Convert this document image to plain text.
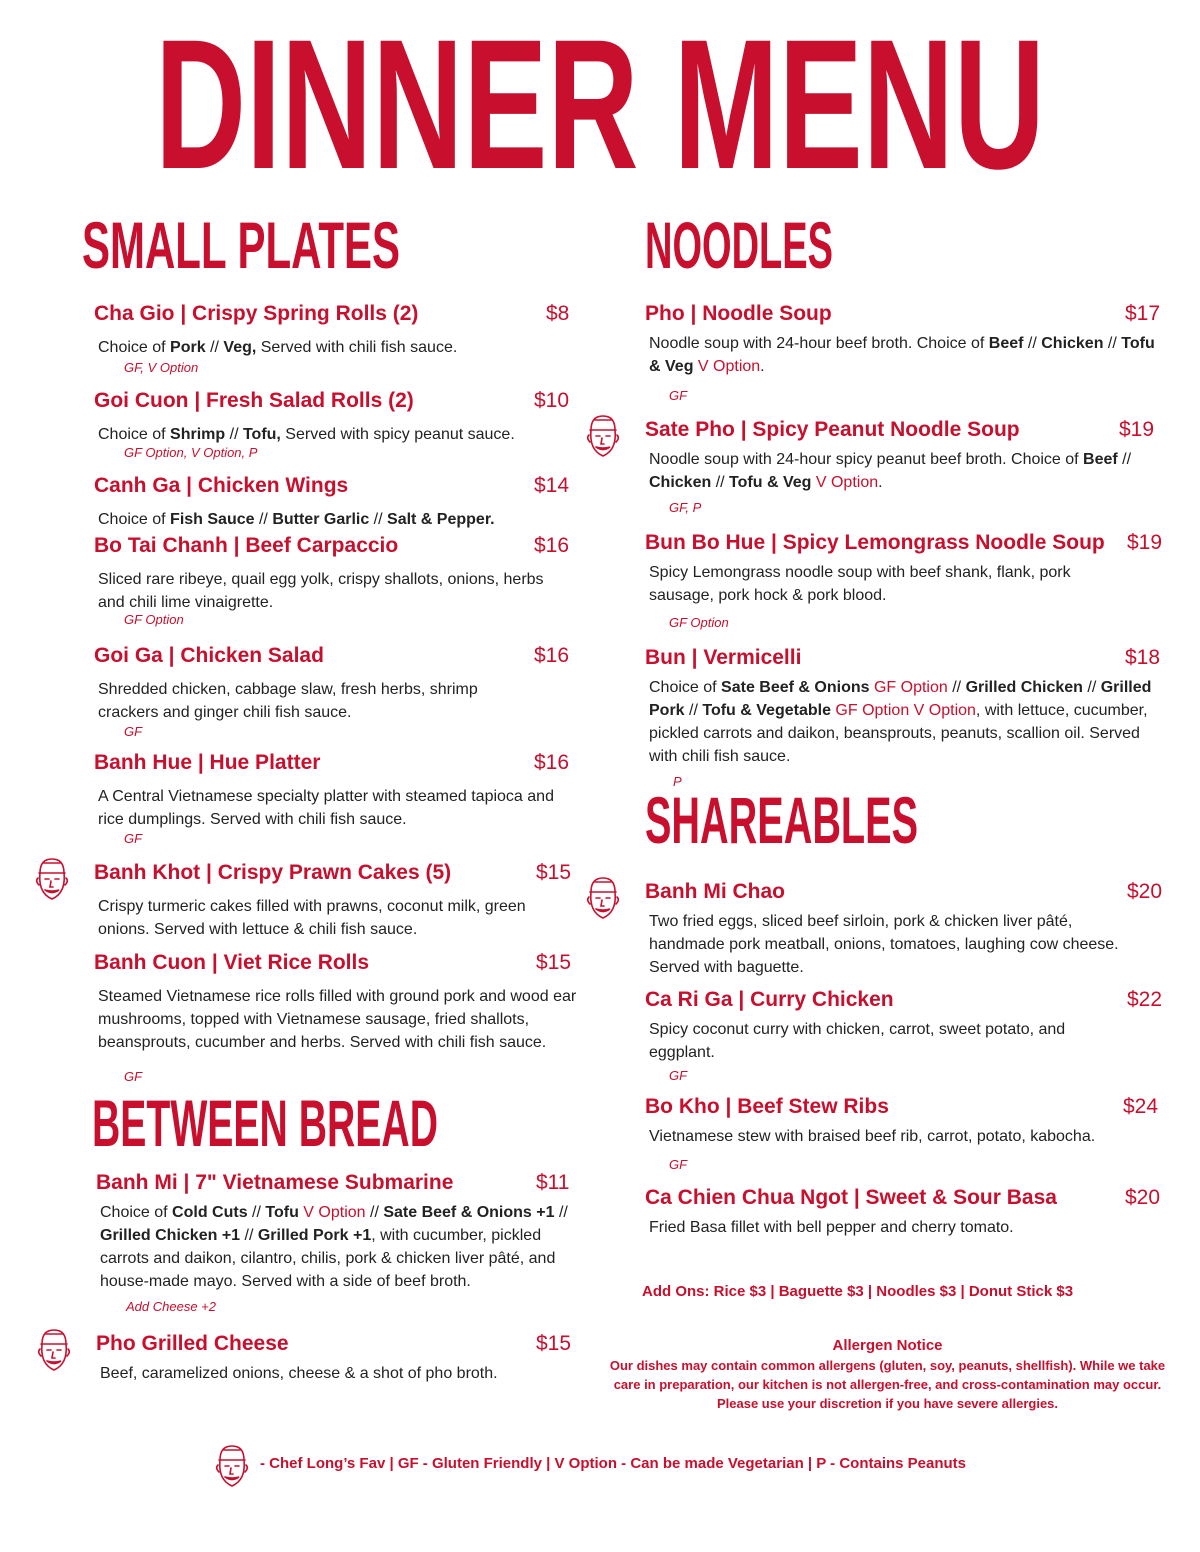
DINNER MENU
SMALL PLATES	NOODLES
SHAREABLES
BETWEEN BREAD
Cha Gio | Crispy Spring Rolls (2)	$8
Choice of Pork // Veg, Served with chili fish sauce.
GF, V Option
Goi Cuon | Fresh Salad Rolls (2)	$10
Choice of Shrimp // Tofu, Served with spicy peanut sauce.
GF Option, V Option, P
Canh Ga | Chicken Wings	$14
Choice of Fish Sauce // Butter Garlic // Salt & Pepper.
Bo Tai Chanh | Beef Carpaccio	$16
Sliced rare ribeye, quail egg yolk, crispy shallots, onions, herbs and chili lime vinaigrette.
GF Option
Goi Ga | Chicken Salad	$16
Shredded chicken, cabbage slaw, fresh herbs, shrimp crackers and ginger chili fish sauce.
GF
Banh Hue | Hue Platter	$16
A Central Vietnamese specialty platter with steamed tapioca and rice dumplings. Served with chili fish sauce.
GF
Banh Khot | Crispy Prawn Cakes (5)	$15
Crispy turmeric cakes filled with prawns, coconut milk, green onions. Served with lettuce & chili fish sauce.
Banh Cuon | Viet Rice Rolls	$15
Steamed Vietnamese rice rolls filled with ground pork and wood ear mushrooms, topped with Vietnamese sausage, fried shallots, beansprouts, cucumber and herbs. Served with chili fish sauce.
GF
Banh Mi | 7" Vietnamese Submarine	$11
Choice of Cold Cuts // Tofu V Option // Sate Beef & Onions +1 // Grilled Chicken +1 // Grilled Pork +1, with cucumber, pickled carrots and daikon, cilantro, chilis, pork & chicken liver pâté, and house-made mayo. Served with a side of beef broth.
Add Cheese +2
Pho Grilled Cheese	$15
Beef, caramelized onions, cheese & a shot of pho broth.
Pho | Noodle Soup	$17
Noodle soup with 24-hour beef broth. Choice of Beef // Chicken // Tofu & Veg V Option.
GF
Sate Pho | Spicy Peanut Noodle Soup	$19
Noodle soup with 24-hour spicy peanut beef broth. Choice of Beef // Chicken // Tofu & Veg V Option.
GF, P
Bun Bo Hue | Spicy Lemongrass Noodle Soup $19
Spicy Lemongrass noodle soup with beef shank, flank, pork sausage, pork hock & pork blood.
GF Option
Bun | Vermicelli	$18
Choice of Sate Beef & Onions GF Option // Grilled Chicken // Grilled Pork // Tofu & Vegetable GF Option V Option, with lettuce, cucumber, pickled carrots and daikon, beansprouts, peanuts, scallion oil. Served with chili fish sauce.
P
Banh Mi Chao	$20
Two fried eggs, sliced beef sirloin, pork & chicken liver pâté, handmade pork meatball, onions, tomatoes, laughing cow cheese. Served with baguette.
Ca Ri Ga | Curry Chicken	$22
Spicy coconut curry with chicken, carrot, sweet potato, and eggplant.
GF
Bo Kho | Beef Stew Ribs	$24
Vietnamese stew with braised beef rib, carrot, potato, kabocha.
GF
Ca Chien Chua Ngot | Sweet & Sour Basa	$20
Fried Basa fillet with bell pepper and cherry tomato.
Add Ons: Rice $3 | Baguette $3 | Noodles $3 | Donut Stick $3
Allergen Notice
Our dishes may contain common allergens (gluten, soy, peanuts, shellfish). While we take care in preparation, our kitchen is not allergen-free, and cross-contamination may occur. Please use your discretion if you have severe allergies.
- Chef Long’s Fav | GF - Gluten Friendly | V Option - Can be made Vegetarian | P - Contains Peanuts
